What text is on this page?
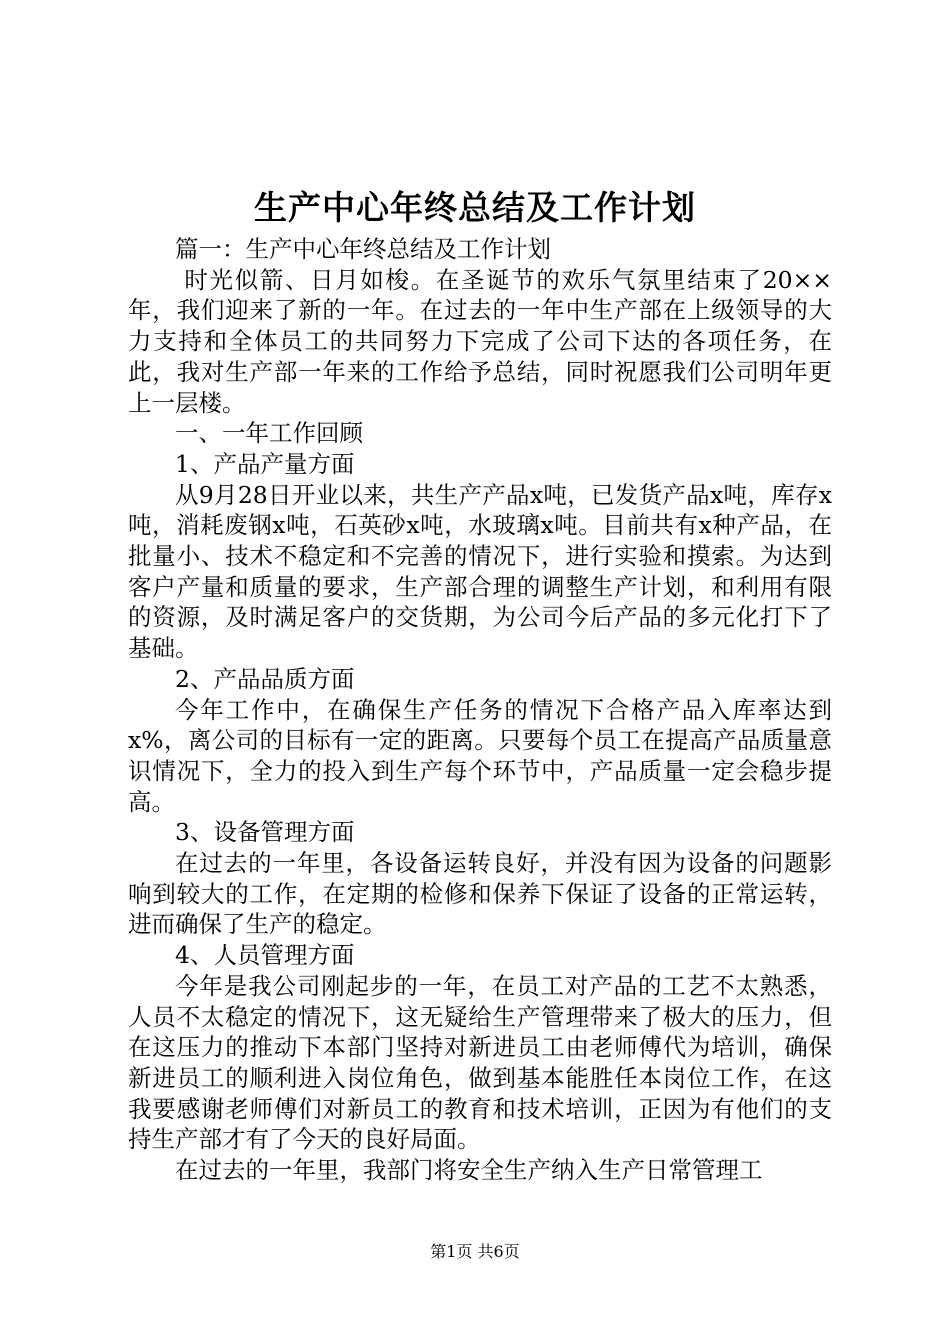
生产中心年终总结及工作计划

篇一：生产中心年终总结及工作计划

时光似箭、日月如梭。在圣诞节的欢乐气氛里结束了20××年，我们迎来了新的一年。在过去的一年中生产部在上级领导的大力支持和全体员工的共同努力下完成了公司下达的各项任务，在此，我对生产部一年来的工作给予总结，同时祝愿我们公司明年更上一层楼。

一、一年工作回顾

1、产品产量方面

从9月28日开业以来，共生产产品x吨，已发货产品x吨，库存x吨，消耗废钢x吨，石英砂x吨，水玻璃x吨。目前共有x种产品，在批量小、技术不稳定和不完善的情况下，进行实验和摸索。为达到客户产量和质量的要求，生产部合理的调整生产计划，和利用有限的资源，及时满足客户的交货期，为公司今后产品的多元化打下了基础。

2、产品品质方面

今年工作中，在确保生产任务的情况下合格产品入库率达到x%，离公司的目标有一定的距离。只要每个员工在提高产品质量意识情况下，全力的投入到生产每个环节中，产品质量一定会稳步提高。

3、设备管理方面

在过去的一年里，各设备运转良好，并没有因为设备的问题影响到较大的工作，在定期的检修和保养下保证了设备的正常运转，进而确保了生产的稳定。

4、人员管理方面

今年是我公司刚起步的一年，在员工对产品的工艺不太熟悉，人员不太稳定的情况下，这无疑给生产管理带来了极大的压力，但在这压力的推动下本部门坚持对新进员工由老师傅代为培训，确保新进员工的顺利进入岗位角色，做到基本能胜任本岗位工作，在这我要感谢老师傅们对新员工的教育和技术培训，正因为有他们的支持生产部才有了今天的良好局面。

在过去的一年里，我部门将安全生产纳入生产日常管理工

第1页 共6页
